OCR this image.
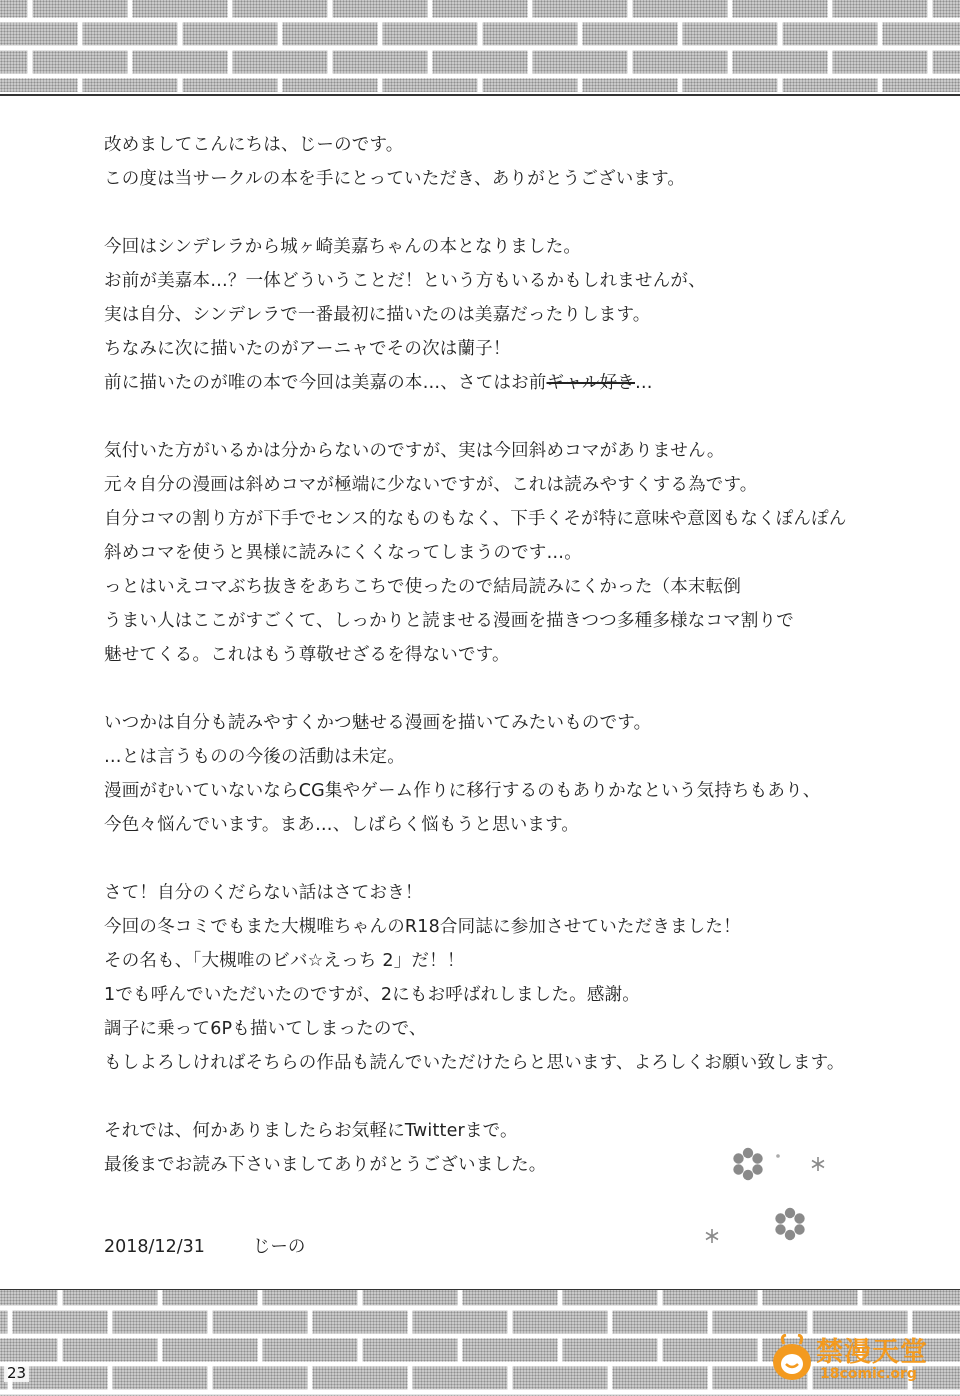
改めましてこんにちは、じーのです。
この度は当サークルの本を手にとっていただき、ありがとうございます。
今回はシンデレラから城ヶ崎美嘉ちゃんの本となりました。
お前が美嘉本…？一体どういうことだ！という方もいるかもしれませんが、
実は自分、シンデレラで一番最初に描いたのは美嘉だったりします。
ちなみに次に描いたのがアーニャでその次は蘭子！
前に描いたのが唯の本で今回は美嘉の本…、さてはお前ギャル好き…
気付いた方がいるかは分からないのですが、実は今回斜めコマがありません。
元々自分の漫画は斜めコマが極端に少ないですが、これは読みやすくする為です。
自分コマの割り方が下手でセンス的なものもなく、下手くそが特に意味や意図もなくぽんぽん
斜めコマを使うと異様に読みにくくなってしまうのです…。
っとはいえコマぶち抜きをあちこちで使ったので結局読みにくかった（本末転倒
うまい人はここがすごくて、しっかりと読ませる漫画を描きつつ多種多様なコマ割りで
魅せてくる。これはもう尊敬せざるを得ないです。
いつかは自分も読みやすくかつ魅せる漫画を描いてみたいものです。
…とは言うものの今後の活動は未定。
漫画がむいていないならCG集やゲーム作りに移行するのもありかなという気持ちもあり、
今色々悩んでいます。まあ…、しばらく悩もうと思います。
さて！自分のくだらない話はさておき！
今回の冬コミでもまた大槻唯ちゃんのR18合同誌に参加させていただきました！
その名も、「大槻唯のビバ☆えっち 2」だ！！
1でも呼んでいただいたのですが、2にもお呼ばれしました。感謝。
調子に乗って6Pも描いてしまったので、
もしよろしければそちらの作品も読んでいただけたらと思います、よろしくお願い致します。
それでは、何かありましたらお気軽にTwitterまで。
最後までお読み下さいましてありがとうございました。
2018/12/31	じーの
23
禁漫天堂
18comic.org
